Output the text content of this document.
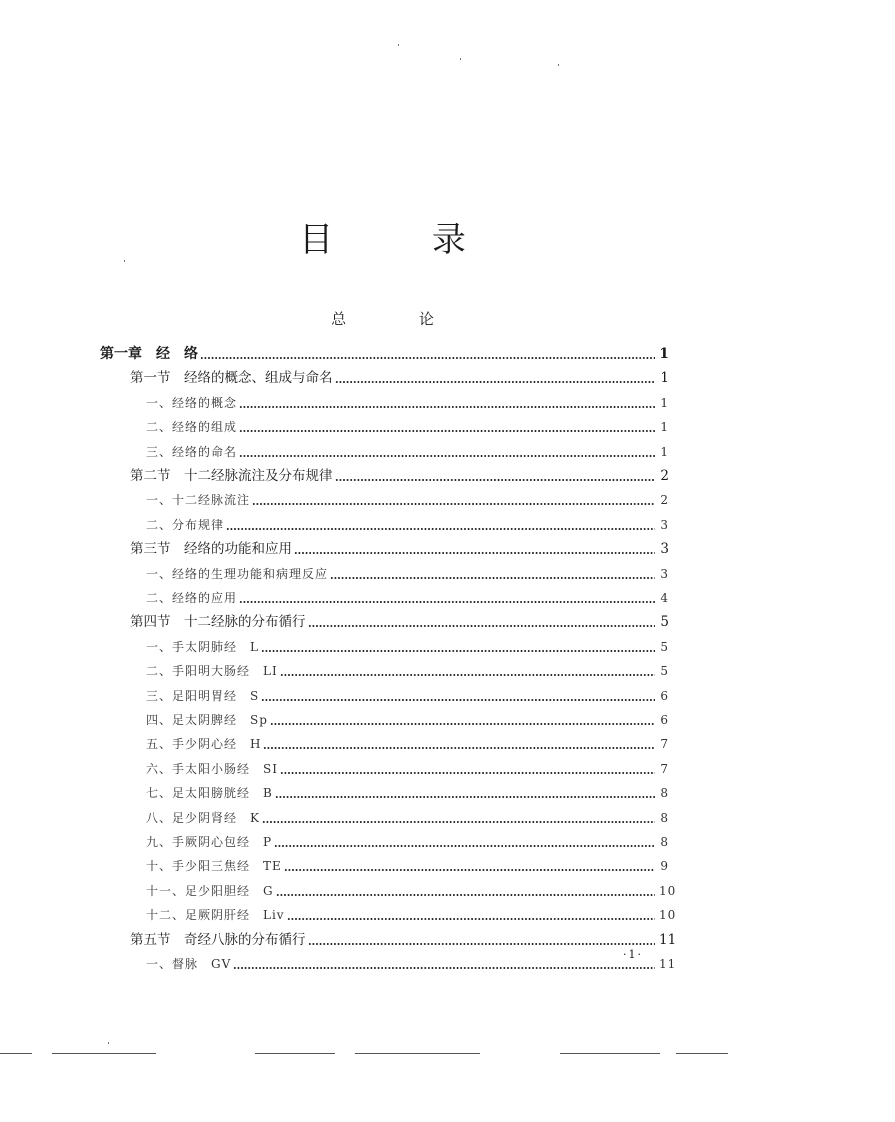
目 录
总 论
第一章　经　络	1
第一节　经络的概念、组成与命名	1
一、经络的概念	1
二、经络的组成	1
三、经络的命名	1
第二节　十二经脉流注及分布规律	2
一、十二经脉流注	2
二、分布规律	3
第三节　经络的功能和应用	3
一、经络的生理功能和病理反应	3
二、经络的应用	4
第四节　十二经脉的分布循行	5
一、手太阴肺经　L	5
二、手阳明大肠经　LI	5
三、足阳明胃经　S	6
四、足太阴脾经　Sp	6
五、手少阴心经　H	7
六、手太阳小肠经　SI	7
七、足太阳膀胱经　B	8
八、足少阴肾经　K	8
九、手厥阴心包经　P	8
十、手少阳三焦经　TE	9
十一、足少阳胆经　G	10
十二、足厥阴肝经　Liv	10
第五节　奇经八脉的分布循行	11
一、督脉　GV	11
·1·
